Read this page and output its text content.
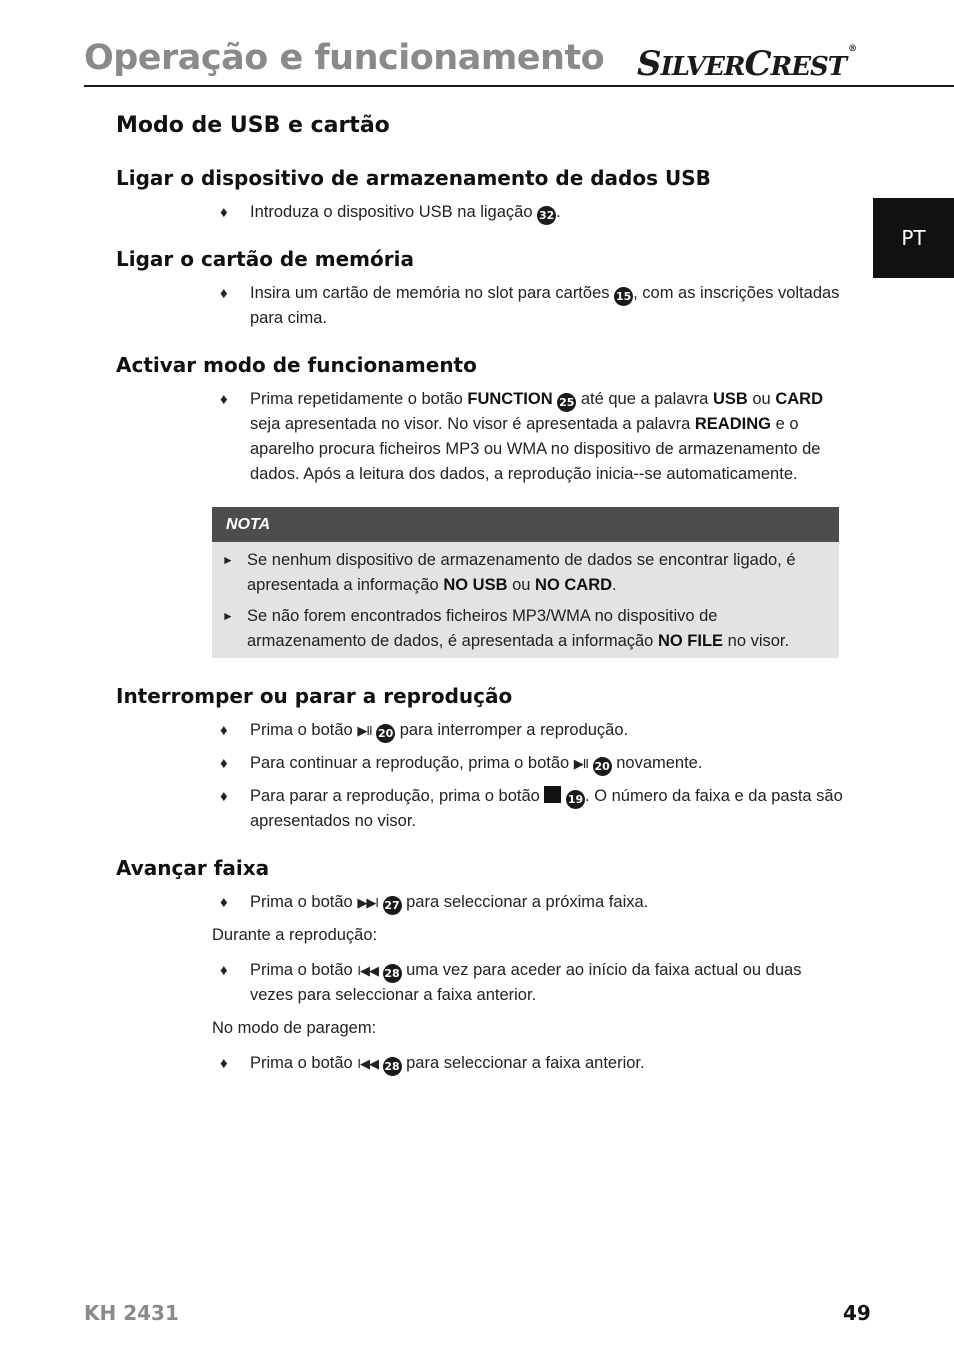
Operação e funcionamento SILVERCREST®
PT
Modo de USB e cartão
Ligar o dispositivo de armazenamento de dados USB
♦ Introduza o dispositivo USB na ligação 32 .
Ligar o cartão de memória
♦ Insira um cartão de memória no slot para cartões 15 , com as inscrições voltadas para cima.
Activar modo de funcionamento
♦ Prima repetidamente o botão FUNCTION 25 até que a palavra USB ou CARD seja apresentada no visor. No visor é apresentada a palavra READING e o aparelho procura ficheiros MP3 ou WMA no dispositivo de armazenamento de dados. Após a leitura dos dados, a reprodução inicia--se automaticamente.
NOTA
► Se nenhum dispositivo de armazenamento de dados se encontrar ligado, é apresentada a informação NO USB ou NO CARD.
► Se não forem encontrados ficheiros MP3/WMA no dispositivo de armazenamento de dados, é apresentada a informação NO FILE no visor.
Interromper ou parar a reprodução
♦ Prima o botão ▶II 20 para interromper a reprodução.
♦ Para continuar a reprodução, prima o botão ▶II 20 novamente.
♦ Para parar a reprodução, prima o botão	19 . O número da faixa e da pasta são apresentados no visor.
Avançar faixa
♦ Prima o botão ▶▶I 27 para seleccionar a próxima faixa.
Durante a reprodução:
♦ Prima o botão I◀◀ 28 uma vez para aceder ao início da faixa actual ou duas vezes para seleccionar a faixa anterior.
No modo de paragem:
♦ Prima o botão I◀◀ 28 para seleccionar a faixa anterior.
KH 2431	49
